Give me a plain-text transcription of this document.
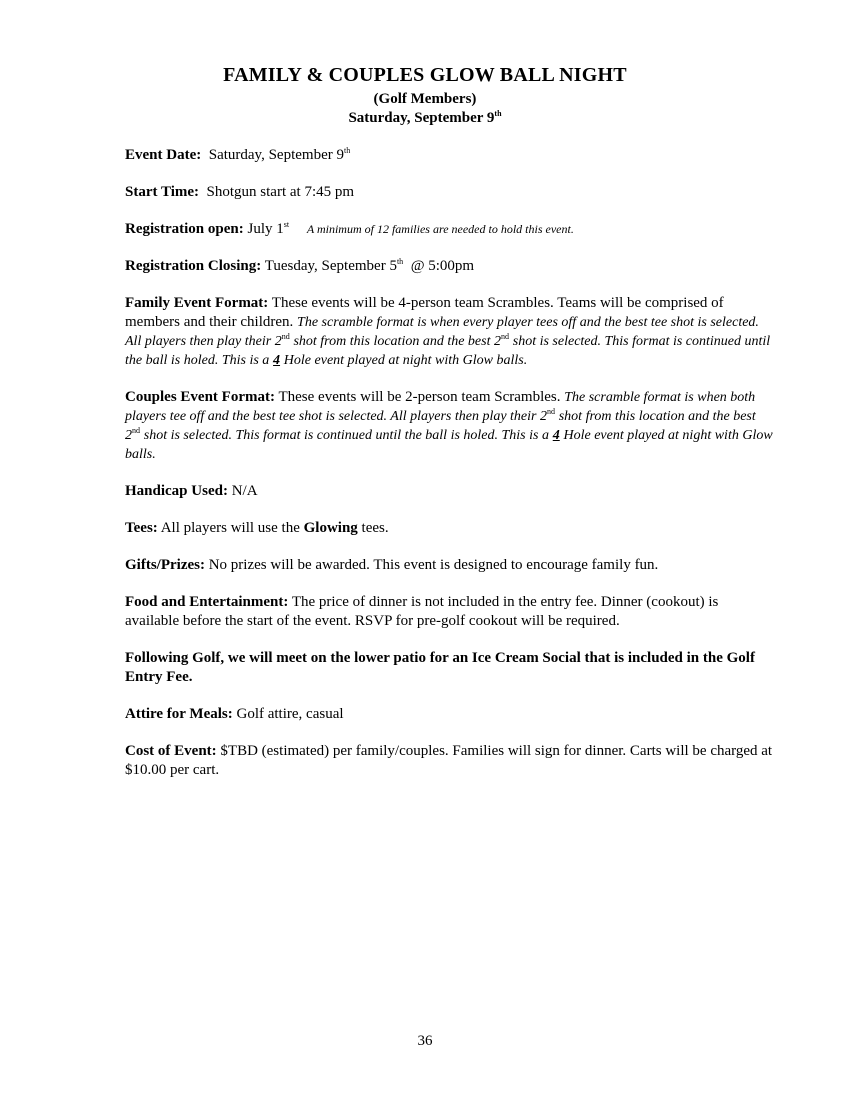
FAMILY & COUPLES GLOW BALL NIGHT
(Golf Members)
Saturday, September 9th

Event Date: Saturday, September 9th

Start Time: Shotgun start at 7:45 pm

Registration open: July 1st A minimum of 12 families are needed to hold this event.

Registration Closing: Tuesday, September 5th @ 5:00pm

Family Event Format: These events will be 4-person team Scrambles. Teams will be comprised of members and their children. The scramble format is when every player tees off and the best tee shot is selected. All players then play their 2nd shot from this location and the best 2nd shot is selected. This format is continued until the ball is holed. This is a 4 Hole event played at night with Glow balls.

Couples Event Format: These events will be 2-person team Scrambles. The scramble format is when both players tee off and the best tee shot is selected. All players then play their 2nd shot from this location and the best 2nd shot is selected. This format is continued until the ball is holed. This is a 4 Hole event played at night with Glow balls.

Handicap Used: N/A

Tees: All players will use the Glowing tees.

Gifts/Prizes: No prizes will be awarded. This event is designed to encourage family fun.

Food and Entertainment: The price of dinner is not included in the entry fee. Dinner (cookout) is available before the start of the event. RSVP for pre-golf cookout will be required.

Following Golf, we will meet on the lower patio for an Ice Cream Social that is included in the Golf Entry Fee.

Attire for Meals: Golf attire, casual

Cost of Event: $TBD (estimated) per family/couples. Families will sign for dinner. Carts will be charged at $10.00 per cart.

36
